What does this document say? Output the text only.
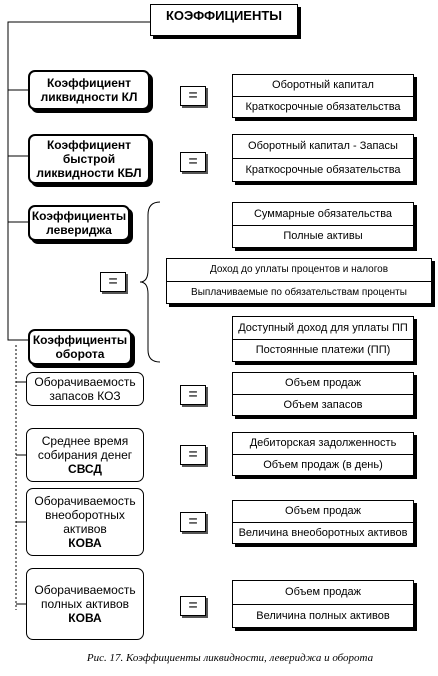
КОЭФФИЦИЕНТЫ
Коэффициент ликвидности КЛ
Коэффициент быстрой ликвидности КБЛ
Коэффициенты левериджа
Коэффициенты оборота
Оборачиваемость запасов КОЗ
Среднее время собирания денег
СВСД
Оборачиваемость внеоборотных активов
КОВА
Оборачиваемость полных активов
КОВА
=
=
=
=
=
=
=
Оборотный капитал
Краткосрочные обязательства
Оборотный капитал - Запасы
Краткосрочные обязательства
Суммарные обязательства
Полные активы
Доход до уплаты процентов и налогов
Выплачиваемые по обязательствам проценты
Доступный доход для уплаты ПП
Постоянные платежи (ПП)
Объем продаж
Объем запасов
Дебиторская задолженность
Объем продаж (в день)
Объем продаж
Величина внеоборотных активов
Объем продаж
Величина полных активов
Рис. 17. Коэффициенты ликвидности, левериджа и оборота
